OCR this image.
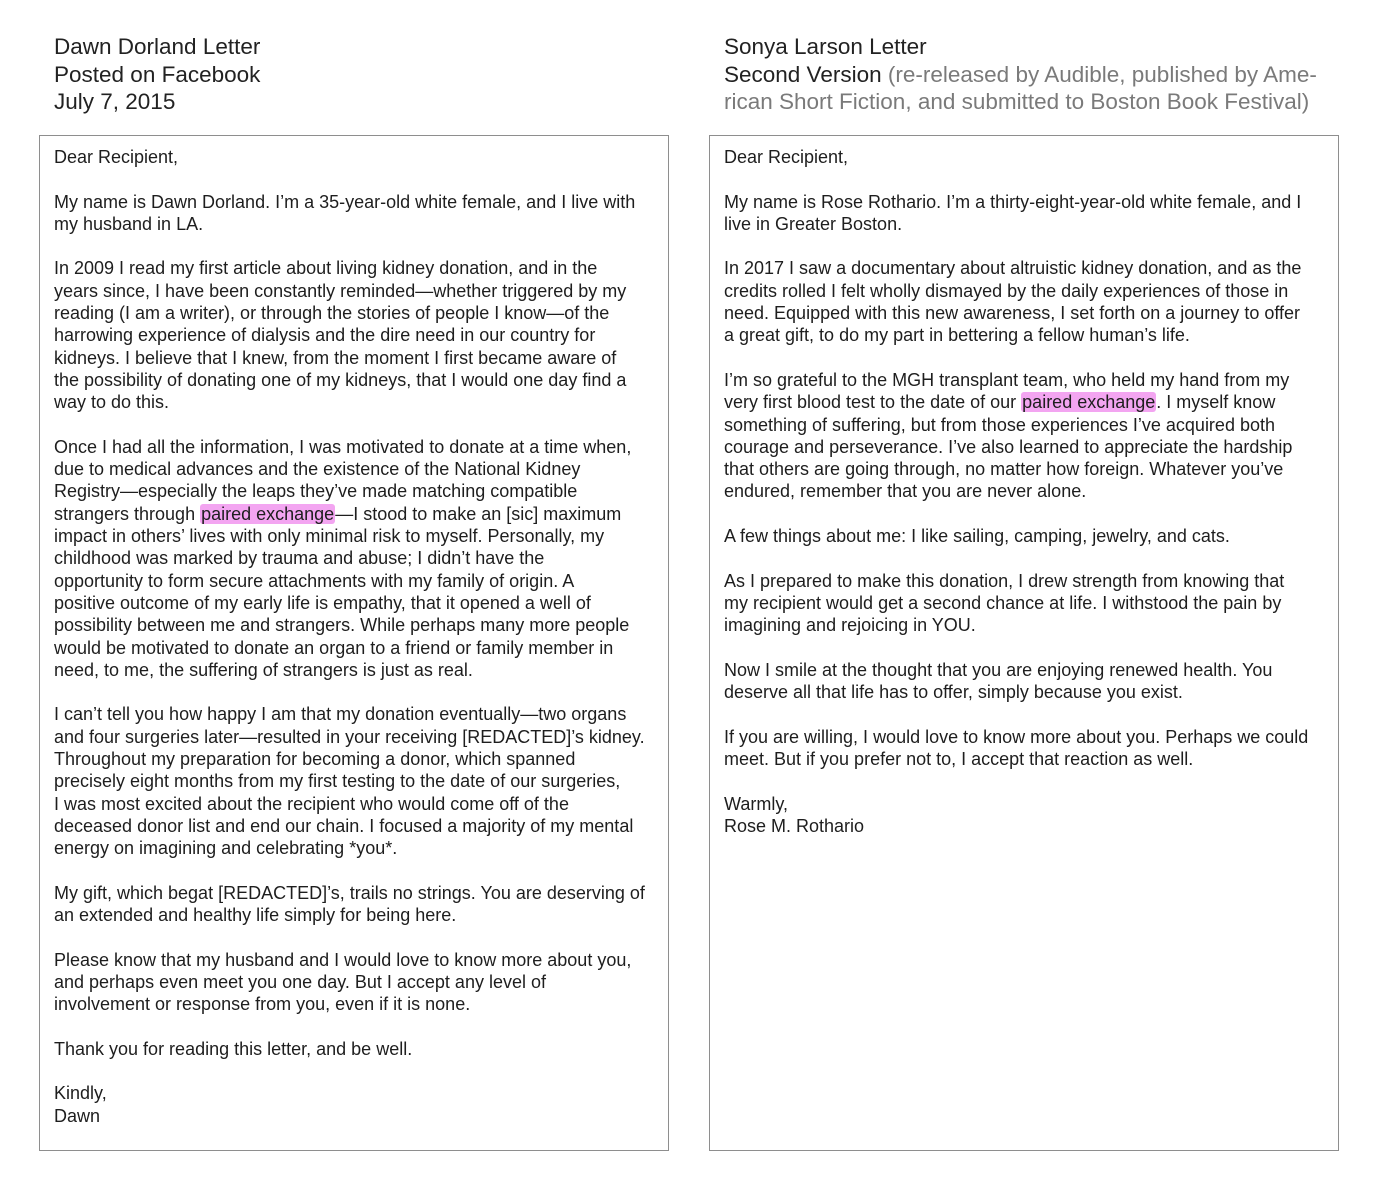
Dawn Dorland Letter
Posted on Facebook
July 7, 2015
Sonya Larson Letter
Second Version (re-released by Audible, published by Ame-
rican Short Fiction, and submitted to Boston Book Festival)
Dear Recipient,
My name is Dawn Dorland. I’m a 35-year-old white female, and I live with
my husband in LA.
In 2009 I read my first article about living kidney donation, and in the
years since, I have been constantly reminded—whether triggered by my
reading (I am a writer), or through the stories of people I know—of the
harrowing experience of dialysis and the dire need in our country for
kidneys. I believe that I knew, from the moment I first became aware of
the possibility of donating one of my kidneys, that I would one day find a
way to do this.
Once I had all the information, I was motivated to donate at a time when,
due to medical advances and the existence of the National Kidney
Registry—especially the leaps they’ve made matching compatible
strangers through paired exchange—I stood to make an [sic] maximum
impact in others’ lives with only minimal risk to myself. Personally, my
childhood was marked by trauma and abuse; I didn’t have the
opportunity to form secure attachments with my family of origin. A
positive outcome of my early life is empathy, that it opened a well of
possibility between me and strangers. While perhaps many more people
would be motivated to donate an organ to a friend or family member in
need, to me, the suffering of strangers is just as real.
I can’t tell you how happy I am that my donation eventually—two organs
and four surgeries later—resulted in your receiving [REDACTED]’s kidney.
Throughout my preparation for becoming a donor, which spanned
precisely eight months from my first testing to the date of our surgeries,
I was most excited about the recipient who would come off of the
deceased donor list and end our chain. I focused a majority of my mental
energy on imagining and celebrating *you*.
My gift, which begat [REDACTED]’s, trails no strings. You are deserving of
an extended and healthy life simply for being here.
Please know that my husband and I would love to know more about you,
and perhaps even meet you one day. But I accept any level of
involvement or response from you, even if it is none.
Thank you for reading this letter, and be well.
Kindly,
Dawn
Dear Recipient,
My name is Rose Rothario. I’m a thirty-eight-year-old white female, and I
live in Greater Boston.
In 2017 I saw a documentary about altruistic kidney donation, and as the
credits rolled I felt wholly dismayed by the daily experiences of those in
need. Equipped with this new awareness, I set forth on a journey to offer
a great gift, to do my part in bettering a fellow human’s life.
I’m so grateful to the MGH transplant team, who held my hand from my
very first blood test to the date of our paired exchange. I myself know
something of suffering, but from those experiences I’ve acquired both
courage and perseverance. I’ve also learned to appreciate the hardship
that others are going through, no matter how foreign. Whatever you’ve
endured, remember that you are never alone.
A few things about me: I like sailing, camping, jewelry, and cats.
As I prepared to make this donation, I drew strength from knowing that
my recipient would get a second chance at life. I withstood the pain by
imagining and rejoicing in YOU.
Now I smile at the thought that you are enjoying renewed health. You
deserve all that life has to offer, simply because you exist.
If you are willing, I would love to know more about you. Perhaps we could
meet. But if you prefer not to, I accept that reaction as well.
Warmly,
Rose M. Rothario
